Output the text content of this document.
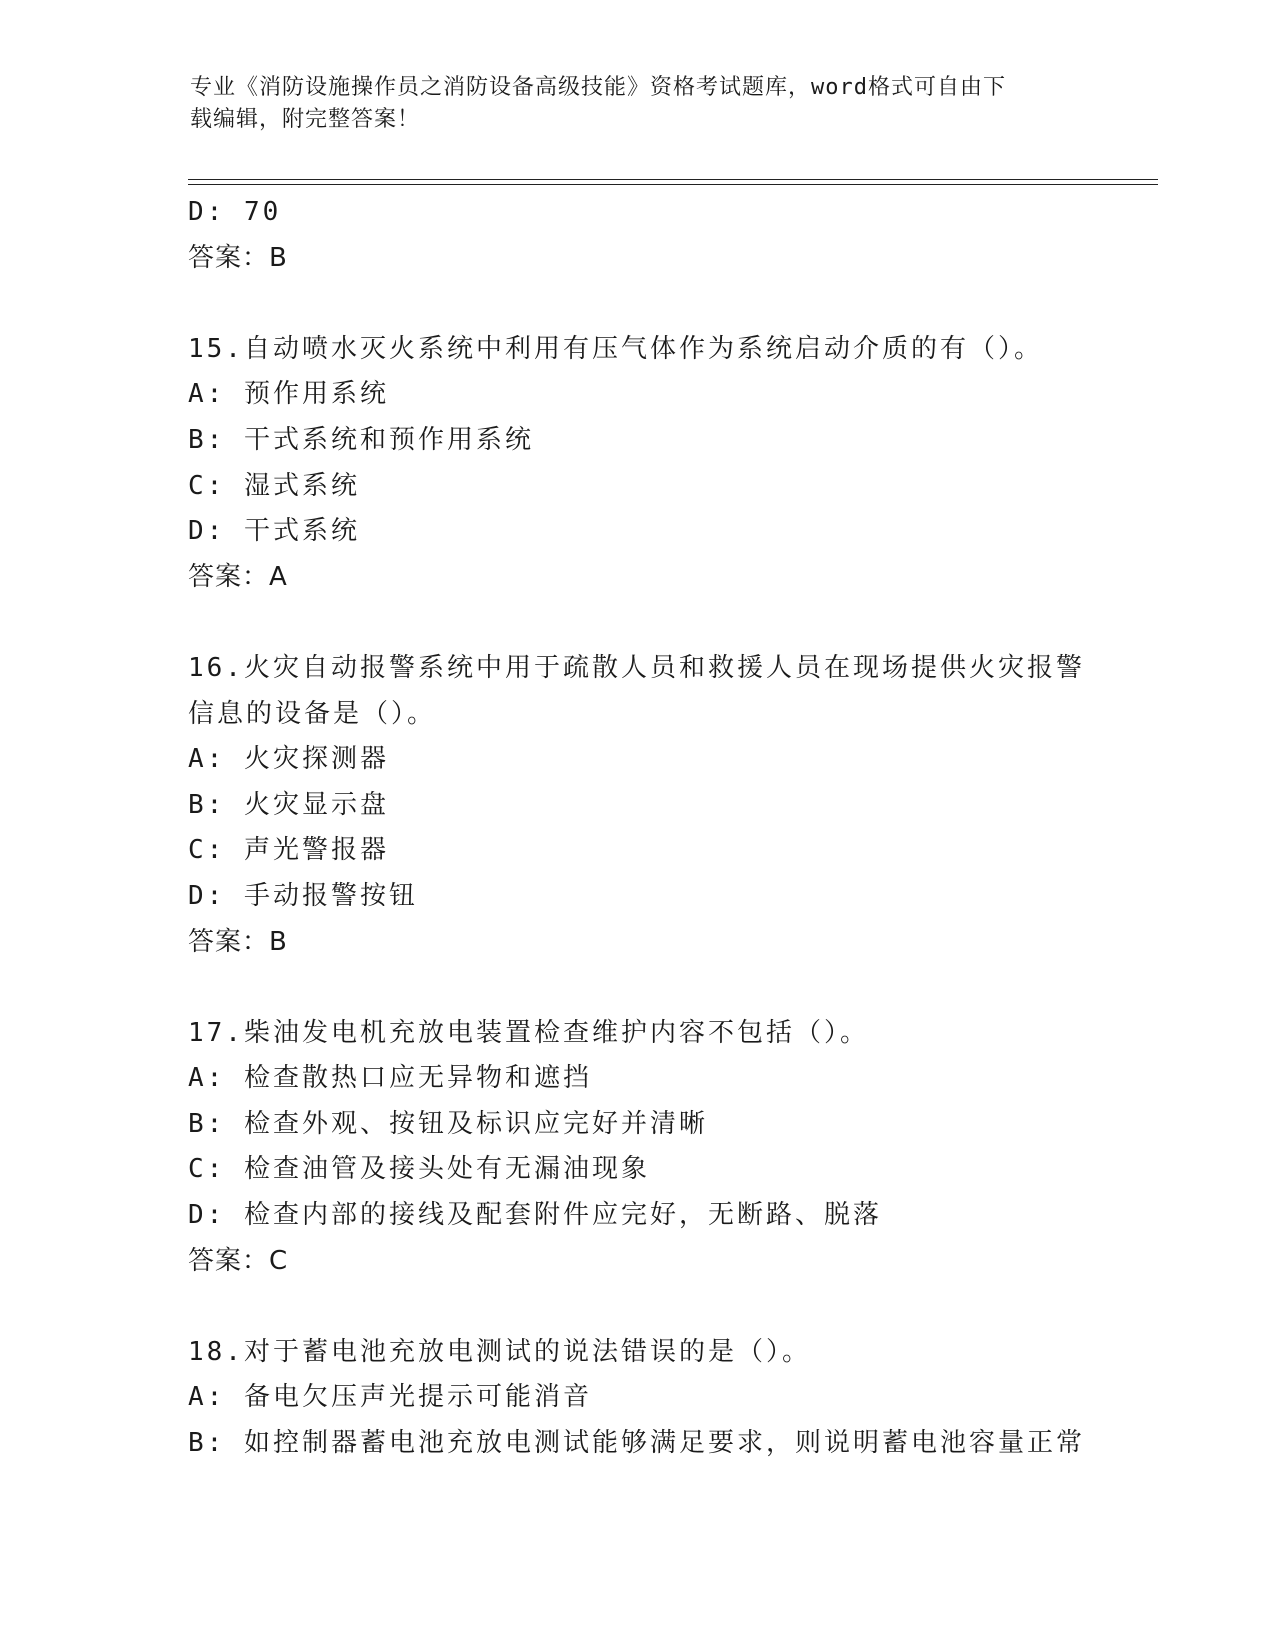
专业《消防设施操作员之消防设备高级技能》资格考试题库，word格式可自由下
载编辑，附完整答案！
D: 70
答案：B
15.自动喷水灭火系统中利用有压气体作为系统启动介质的有（）。
A: 预作用系统
B: 干式系统和预作用系统
C: 湿式系统
D: 干式系统
答案：A
16.火灾自动报警系统中用于疏散人员和救援人员在现场提供火灾报警
信息的设备是（）。
A: 火灾探测器
B: 火灾显示盘
C: 声光警报器
D: 手动报警按钮
答案：B
17.柴油发电机充放电装置检查维护内容不包括（）。
A: 检查散热口应无异物和遮挡
B: 检查外观、按钮及标识应完好并清晰
C: 检查油管及接头处有无漏油现象
D: 检查内部的接线及配套附件应完好，无断路、脱落
答案：C
18.对于蓄电池充放电测试的说法错误的是（）。
A: 备电欠压声光提示可能消音
B: 如控制器蓄电池充放电测试能够满足要求，则说明蓄电池容量正常
